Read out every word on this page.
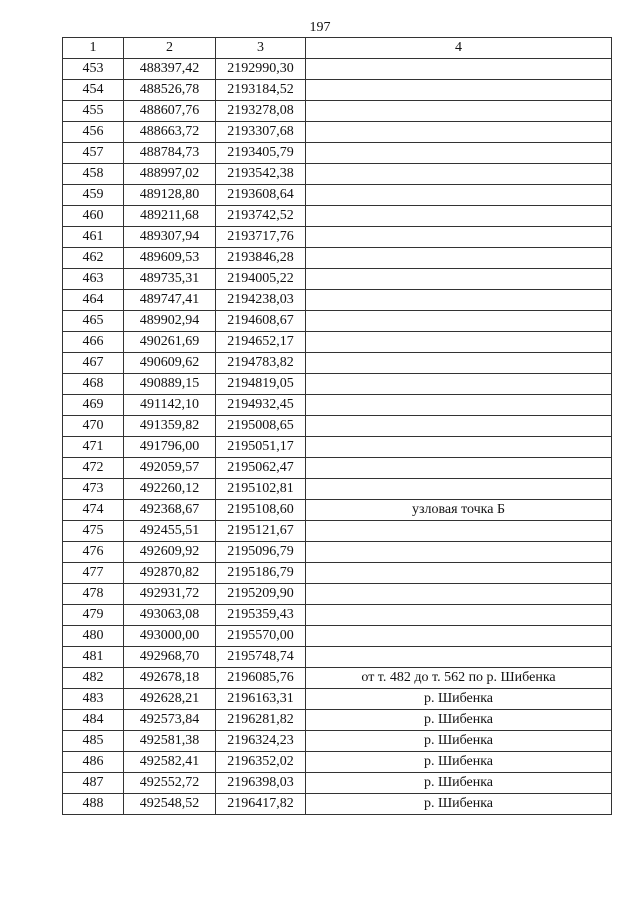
197
1	2	3	4
453	488397,42	2192990,30	
454	488526,78	2193184,52	
455	488607,76	2193278,08	
456	488663,72	2193307,68	
457	488784,73	2193405,79	
458	488997,02	2193542,38	
459	489128,80	2193608,64	
460	489211,68	2193742,52	
461	489307,94	2193717,76	
462	489609,53	2193846,28	
463	489735,31	2194005,22	
464	489747,41	2194238,03	
465	489902,94	2194608,67	
466	490261,69	2194652,17	
467	490609,62	2194783,82	
468	490889,15	2194819,05	
469	491142,10	2194932,45	
470	491359,82	2195008,65	
471	491796,00	2195051,17	
472	492059,57	2195062,47	
473	492260,12	2195102,81	
474	492368,67	2195108,60	узловая точка Б
475	492455,51	2195121,67	
476	492609,92	2195096,79	
477	492870,82	2195186,79	
478	492931,72	2195209,90	
479	493063,08	2195359,43	
480	493000,00	2195570,00	
481	492968,70	2195748,74	
482	492678,18	2196085,76	от т. 482 до т. 562 по р. Шибенка
483	492628,21	2196163,31	р. Шибенка
484	492573,84	2196281,82	р. Шибенка
485	492581,38	2196324,23	р. Шибенка
486	492582,41	2196352,02	р. Шибенка
487	492552,72	2196398,03	р. Шибенка
488	492548,52	2196417,82	р. Шибенка
